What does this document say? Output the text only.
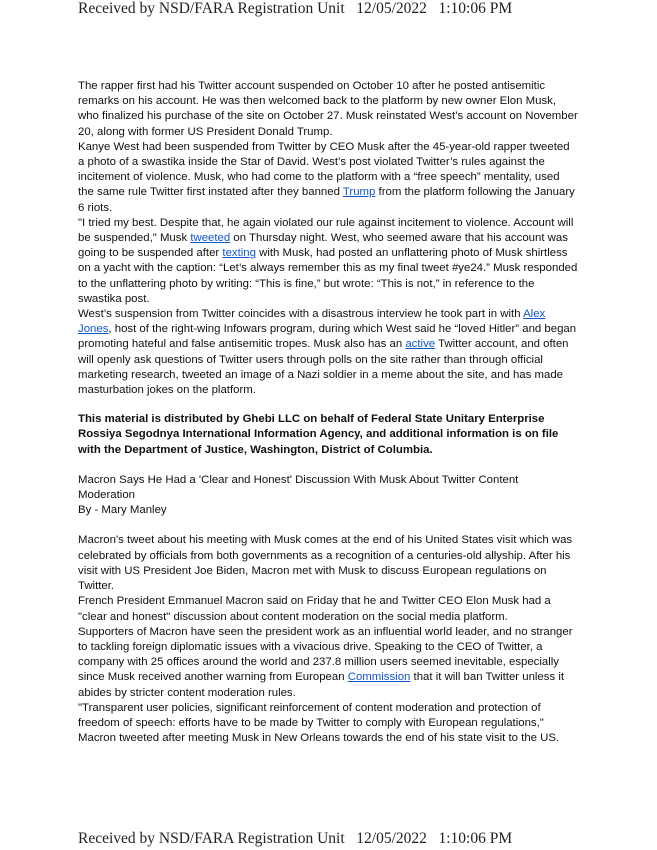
Received by NSD/FARA Registration Unit   12/05/2022   1:10:06 PM

The rapper first had his Twitter account suspended on October 10 after he posted antisemitic remarks on his account. He was then welcomed back to the platform by new owner Elon Musk, who finalized his purchase of the site on October 27. Musk reinstated West’s account on November 20, along with former US President Donald Trump.

Kanye West had been suspended from Twitter by CEO Musk after the 45-year-old rapper tweeted a photo of a swastika inside the Star of David. West’s post violated Twitter’s rules against the incitement of violence. Musk, who had come to the platform with a “free speech” mentality, used the same rule Twitter first instated after they banned Trump from the platform following the January 6 riots.

"I tried my best. Despite that, he again violated our rule against incitement to violence. Account will be suspended," Musk tweeted on Thursday night. West, who seemed aware that his account was going to be suspended after texting with Musk, had posted an unflattering photo of Musk shirtless on a yacht with the caption: “Let’s always remember this as my final tweet #ye24.” Musk responded to the unflattering photo by writing: “This is fine,” but wrote: “This is not,” in reference to the swastika post.

West’s suspension from Twitter coincides with a disastrous interview he took part in with Alex Jones, host of the right-wing Infowars program, during which West said he “loved Hitler” and began promoting hateful and false antisemitic tropes. Musk also has an active Twitter account, and often will openly ask questions of Twitter users through polls on the site rather than through official marketing research, tweeted an image of a Nazi soldier in a meme about the site, and has made masturbation jokes on the platform.

This material is distributed by Ghebi LLC on behalf of Federal State Unitary Enterprise Rossiya Segodnya International Information Agency, and additional information is on file with the Department of Justice, Washington, District of Columbia.

Macron Says He Had a 'Clear and Honest' Discussion With Musk About Twitter Content Moderation

By - Mary Manley

Macron's tweet about his meeting with Musk comes at the end of his United States visit which was celebrated by officials from both governments as a recognition of a centuries-old allyship. After his visit with US President Joe Biden, Macron met with Musk to discuss European regulations on Twitter.

French President Emmanuel Macron said on Friday that he and Twitter CEO Elon Musk had a "clear and honest" discussion about content moderation on the social media platform.

Supporters of Macron have seen the president work as an influential world leader, and no stranger to tackling foreign diplomatic issues with a vivacious drive. Speaking to the CEO of Twitter, a company with 25 offices around the world and 237.8 million users seemed inevitable, especially since Musk received another warning from European Commission that it will ban Twitter unless it abides by stricter content moderation rules.

"Transparent user policies, significant reinforcement of content moderation and protection of freedom of speech: efforts have to be made by Twitter to comply with European regulations," Macron tweeted after meeting Musk in New Orleans towards the end of his state visit to the US.

Received by NSD/FARA Registration Unit   12/05/2022   1:10:06 PM
